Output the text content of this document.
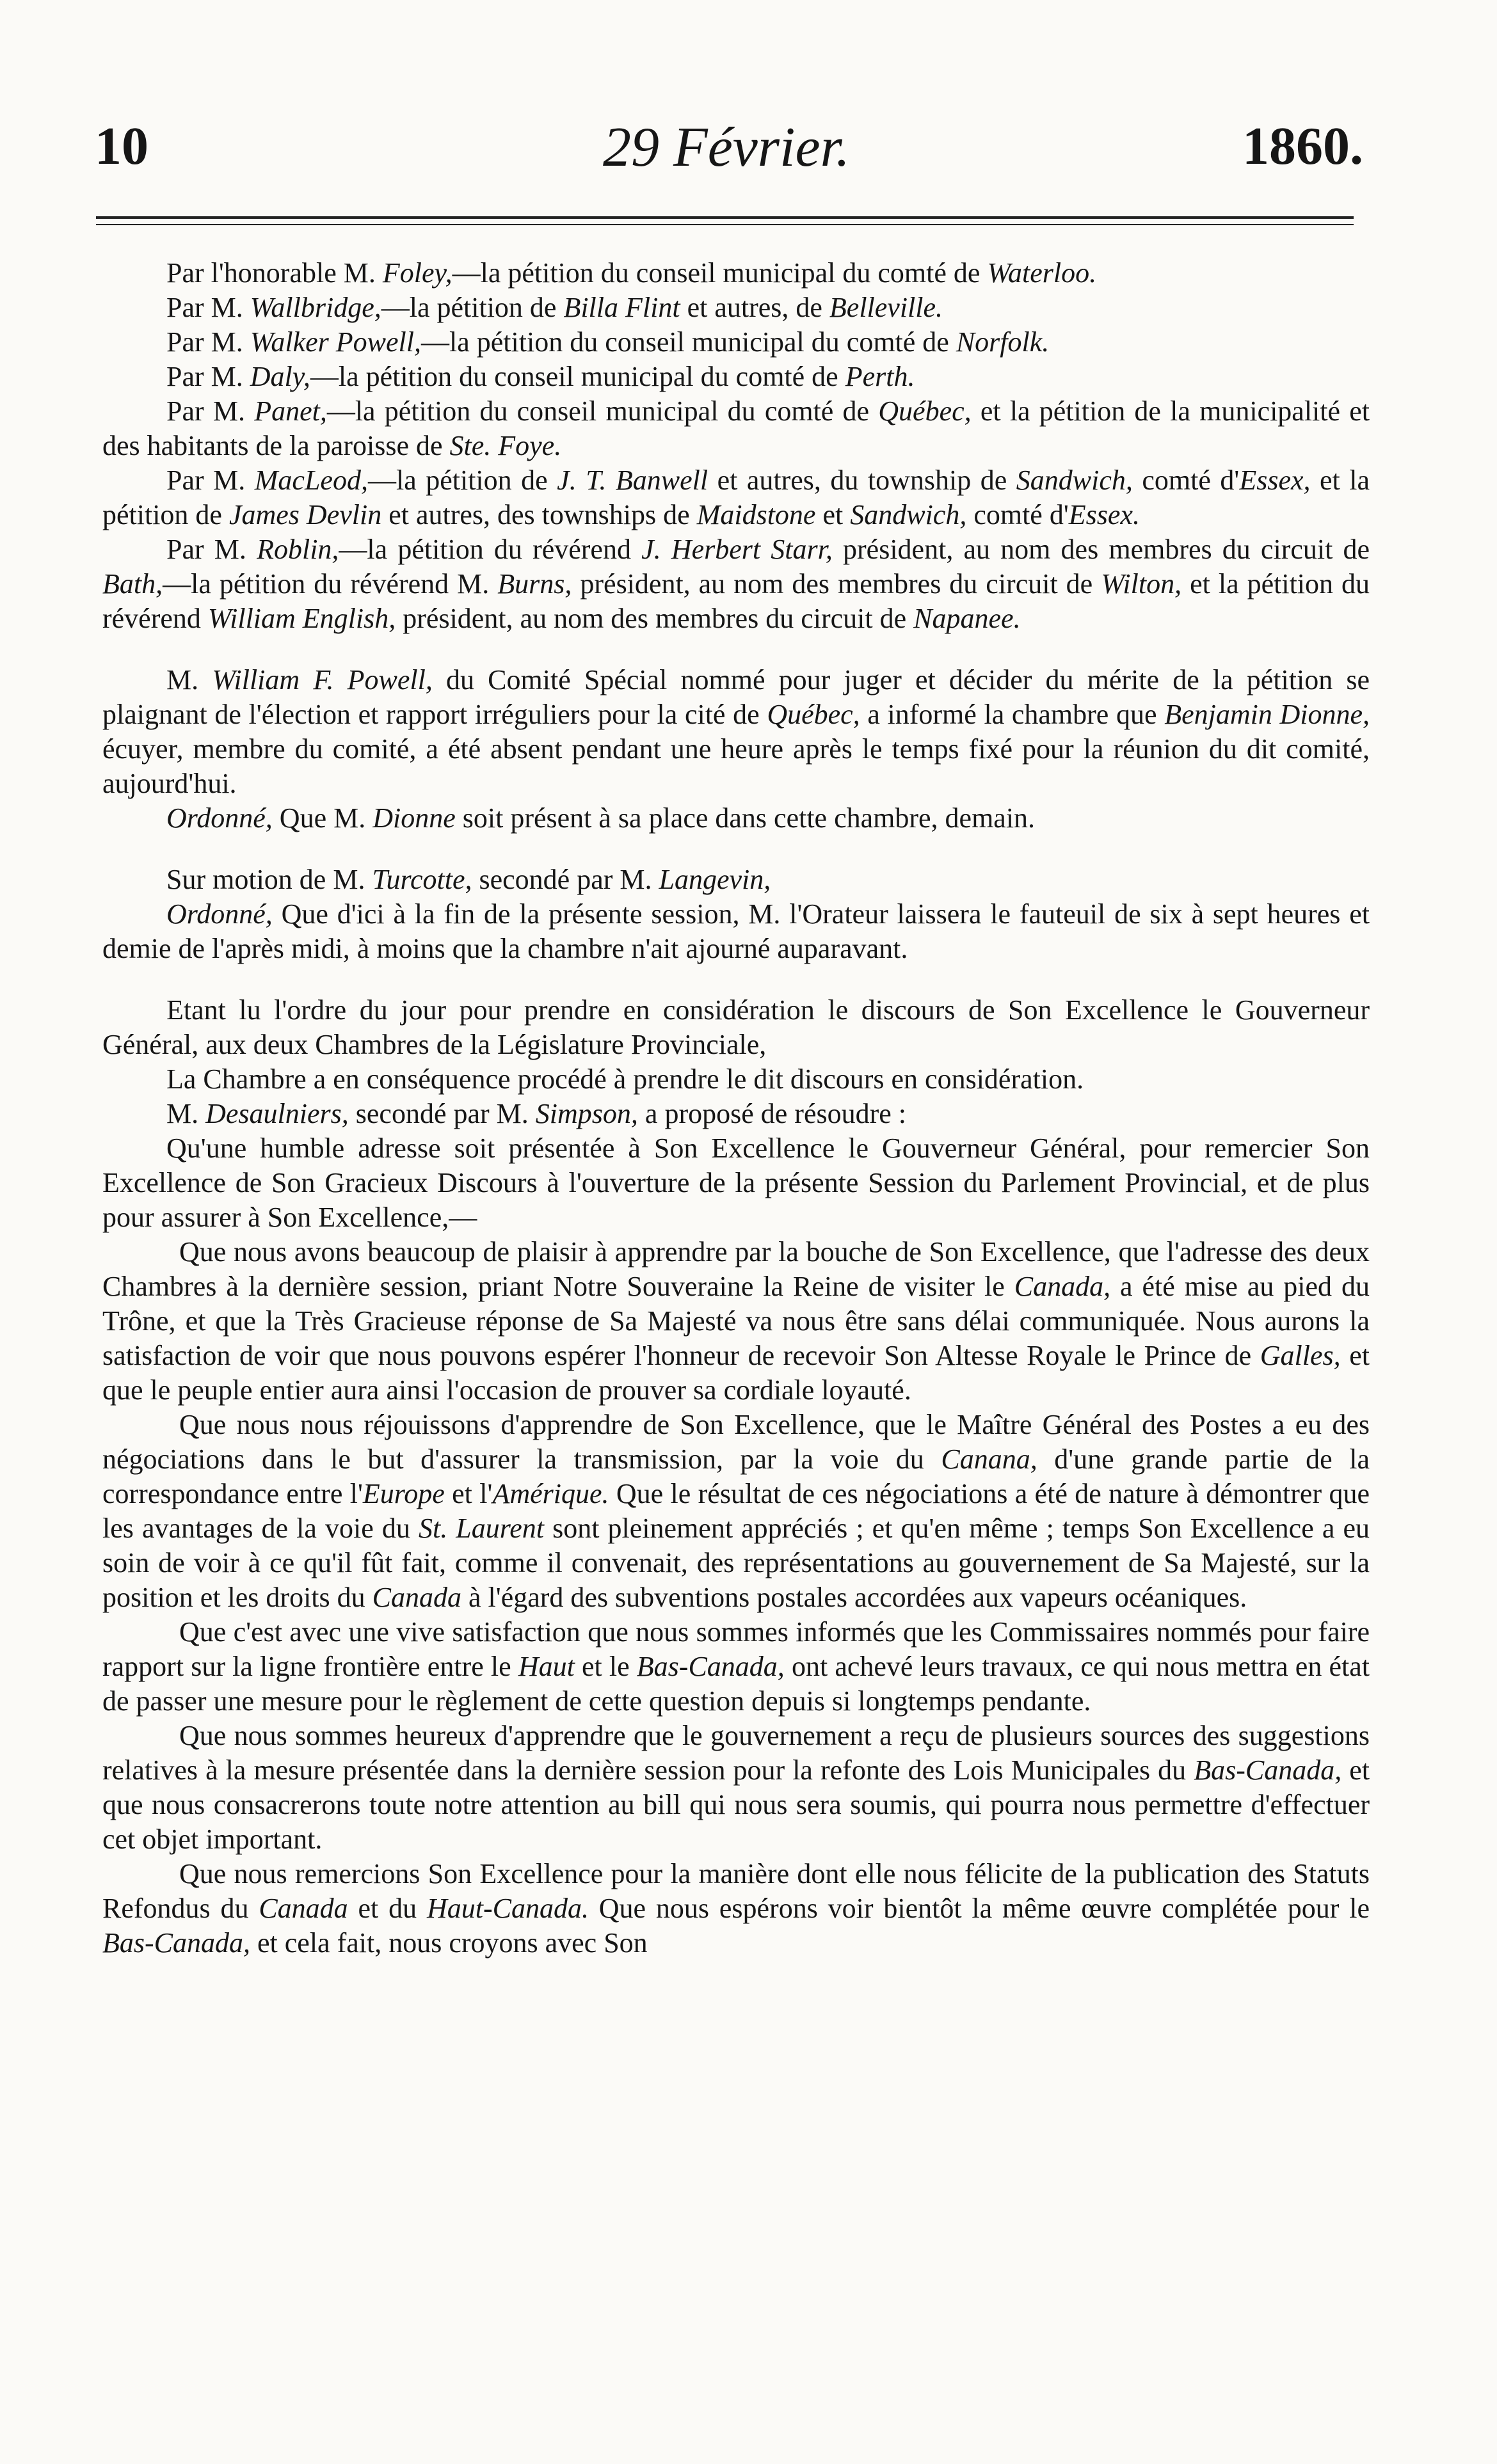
10	29 Février.	1860.

Par l'honorable M. Foley,—la pétition du conseil municipal du comté de Waterloo.

Par M. Wallbridge,—la pétition de Billa Flint et autres, de Belleville.

Par M. Walker Powell,—la pétition du conseil municipal du comté de Norfolk.

Par M. Daly,—la pétition du conseil municipal du comté de Perth.

Par M. Panet,—la pétition du conseil municipal du comté de Québec, et la pétition de la municipalité et des habitants de la paroisse de Ste. Foye.

Par M. MacLeod,—la pétition de J. T. Banwell et autres, du township de Sandwich, comté d'Essex, et la pétition de James Devlin et autres, des townships de Maidstone et Sandwich, comté d'Essex.

Par M. Roblin,—la pétition du révérend J. Herbert Starr, président, au nom des membres du circuit de Bath,—la pétition du révérend M. Burns, président, au nom des membres du circuit de Wilton, et la pétition du révérend William English, président, au nom des membres du circuit de Napanee.

M. William F. Powell, du Comité Spécial nommé pour juger et décider du mérite de la pétition se plaignant de l'élection et rapport irréguliers pour la cité de Québec, a informé la chambre que Benjamin Dionne, écuyer, membre du comité, a été absent pendant une heure après le temps fixé pour la réunion du dit comité, aujourd'hui.

Ordonné, Que M. Dionne soit présent à sa place dans cette chambre, demain.

Sur motion de M. Turcotte, secondé par M. Langevin,

Ordonné, Que d'ici à la fin de la présente session, M. l'Orateur laissera le fauteuil de six à sept heures et demie de l'après midi, à moins que la chambre n'ait ajourné auparavant.

Etant lu l'ordre du jour pour prendre en considération le discours de Son Excellence le Gouverneur Général, aux deux Chambres de la Législature Provinciale,

La Chambre a en conséquence procédé à prendre le dit discours en considération.

M. Desaulniers, secondé par M. Simpson, a proposé de résoudre :

Qu'une humble adresse soit présentée à Son Excellence le Gouverneur Général, pour remercier Son Excellence de Son Gracieux Discours à l'ouverture de la présente Session du Parlement Provincial, et de plus pour assurer à Son Excellence,—

Que nous avons beaucoup de plaisir à apprendre par la bouche de Son Excellence, que l'adresse des deux Chambres à la dernière session, priant Notre Souveraine la Reine de visiter le Canada, a été mise au pied du Trône, et que la Très Gracieuse réponse de Sa Majesté va nous être sans délai communiquée. Nous aurons la satisfaction de voir que nous pouvons espérer l'honneur de recevoir Son Altesse Royale le Prince de Galles, et que le peuple entier aura ainsi l'occasion de prouver sa cordiale loyauté.

Que nous nous réjouissons d'apprendre de Son Excellence, que le Maître Général des Postes a eu des négociations dans le but d'assurer la transmission, par la voie du Canana, d'une grande partie de la correspondance entre l'Europe et l'Amérique. Que le résultat de ces négociations a été de nature à démontrer que les avantages de la voie du St. Laurent sont pleinement appréciés ; et qu'en même ; temps Son Excellence a eu soin de voir à ce qu'il fût fait, comme il convenait, des représentations au gouvernement de Sa Majesté, sur la position et les droits du Canada à l'égard des subventions postales accordées aux vapeurs océaniques.

Que c'est avec une vive satisfaction que nous sommes informés que les Commissaires nommés pour faire rapport sur la ligne frontière entre le Haut et le Bas-Canada, ont achevé leurs travaux, ce qui nous mettra en état de passer une mesure pour le règlement de cette question depuis si longtemps pendante.

Que nous sommes heureux d'apprendre que le gouvernement a reçu de plusieurs sources des suggestions relatives à la mesure présentée dans la dernière session pour la refonte des Lois Municipales du Bas-Canada, et que nous consacrerons toute notre attention au bill qui nous sera soumis, qui pourra nous permettre d'effectuer cet objet important.

Que nous remercions Son Excellence pour la manière dont elle nous félicite de la publication des Statuts Refondus du Canada et du Haut-Canada. Que nous espérons voir bientôt la même œuvre complétée pour le Bas-Canada, et cela fait, nous croyons avec Son
